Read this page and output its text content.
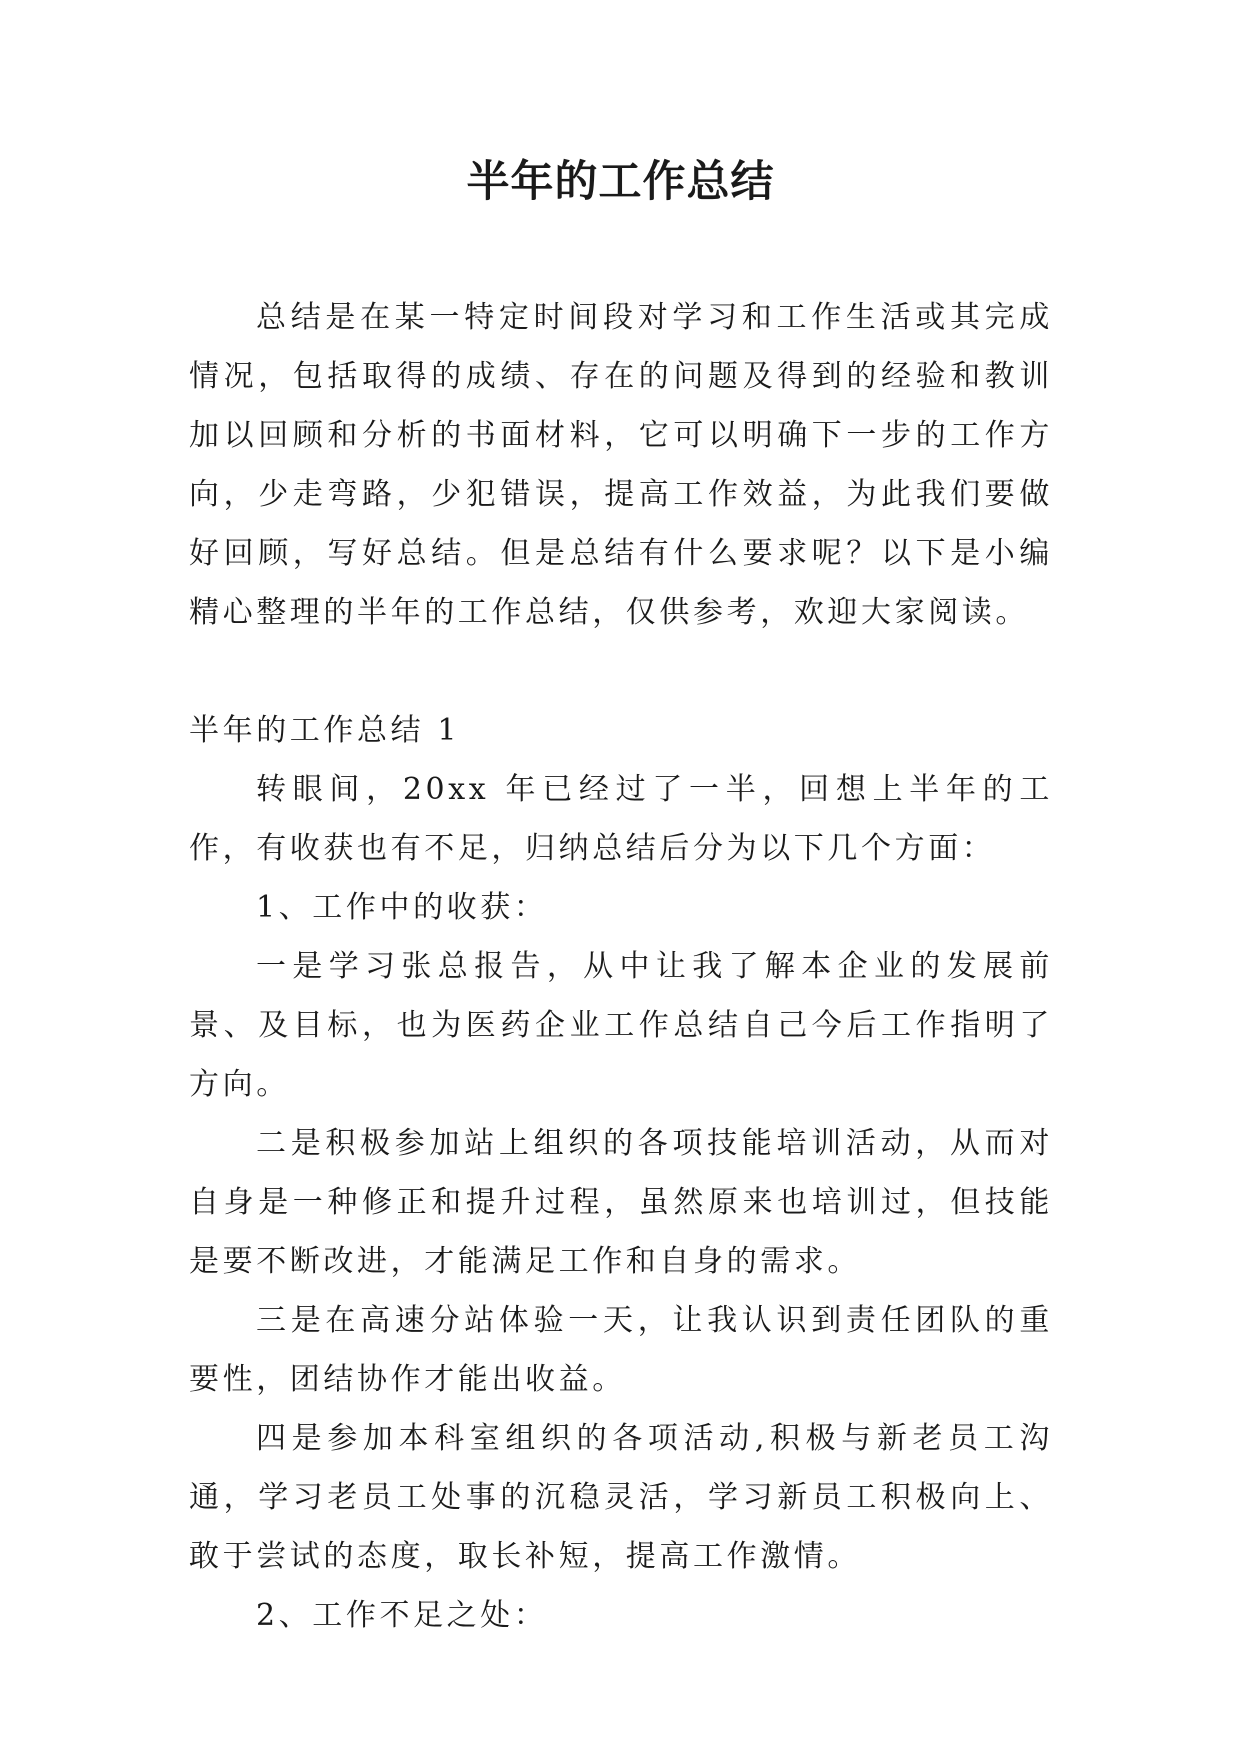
半年的工作总结

总结是在某一特定时间段对学习和工作生活或其完成情况，包括取得的成绩、存在的问题及得到的经验和教训加以回顾和分析的书面材料，它可以明确下一步的工作方向，少走弯路，少犯错误，提高工作效益，为此我们要做好回顾，写好总结。但是总结有什么要求呢？以下是小编精心整理的半年的工作总结，仅供参考，欢迎大家阅读。

半年的工作总结 1

转眼间，20xx 年已经过了一半，回想上半年的工作，有收获也有不足，归纳总结后分为以下几个方面：

1、工作中的收获：

一是学习张总报告，从中让我了解本企业的发展前景、及目标，也为医药企业工作总结自己今后工作指明了方向。

二是积极参加站上组织的各项技能培训活动，从而对自身是一种修正和提升过程，虽然原来也培训过，但技能是要不断改进，才能满足工作和自身的需求。

三是在高速分站体验一天，让我认识到责任团队的重要性，团结协作才能出收益。

四是参加本科室组织的各项活动,积极与新老员工沟通，学习老员工处事的沉稳灵活，学习新员工积极向上、敢于尝试的态度，取长补短，提高工作激情。

2、工作不足之处：
